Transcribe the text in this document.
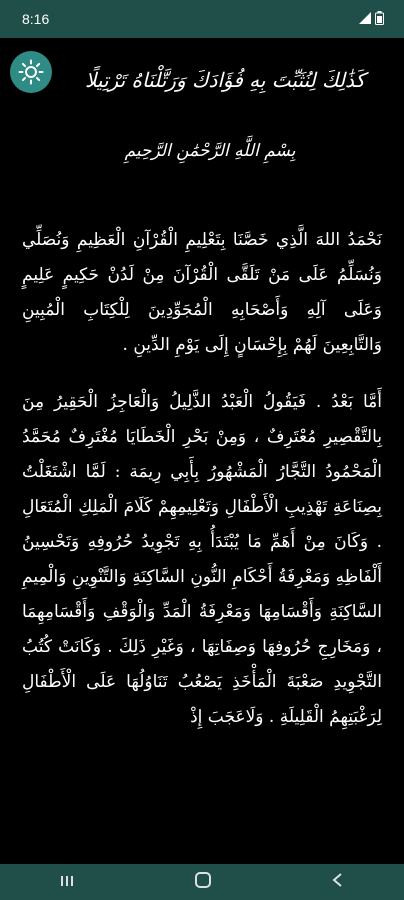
8:16
كَذَٰلِكَ لِنُثَبِّتَ بِهِ فُؤَادَكَ وَرَتَّلْنَاهُ تَرْتِيلًا
بِسْمِ اللَّهِ الرَّحْمَٰنِ الرَّحِيمِ

نَحْمَدُ اللهَ الَّذِي خَصَّنَا بِتَعْلِيمِ الْقُرْآنِ الْعَظِيمِ وَنُصَلِّي وَنُسَلِّمُ عَلَى مَنْ تَلَقَّى الْقُرْآنَ مِنْ لَدُنْ حَكِيمٍ عَلِيمٍ وَعَلَى آلِهِ وَأَصْحَابِهِ الْمُجَوِّدِينَ لِلْكِتَابِ الْمُبِينِ وَالتَّابِعِينَ لَهُمْ بِإِحْسَانٍ إِلَى يَوْمِ الدِّينِ .

أَمَّا بَعْدُ . فَيَقُولُ الْعَبْدُ الذَّلِيلُ وَالْعَاجِزُ الْحَقِيرُ مِنَ بِالتَّقْصِيرِ مُعْتَرِفٌ ، وَمِنْ بَحْرِ الْخَطَايَا مُغْتَرِفٌ مُحَمَّدُ الْمَحْمُودُ التَّجَّارُ الْمَشْهُورُ بِأَبِي رِيمَة : لَمَّا اشْتَغَلْتُ بِصِنَاعَةِ تَهْذِيبِ الْأَطْفَالِ وَتَعْلِيمِهِمْ كَلَامَ الْمَلِكِ الْمُتَعَالِ . وَكَانَ مِنْ أَهَمِّ مَا يُبْتَدَأُ بِهِ تَجْوِيدُ حُرُوفِهِ وَتَحْسِينُ أَلْفَاظِهِ وَمَعْرِفَةُ أَحْكَامِ النُّونِ السَّاكِنَةِ وَالتَّنْوِينِ وَالْمِيمِ السَّاكِنَةِ وَأَقْسَامِهَا وَمَعْرِفَةُ الْمَدِّ وَالْوَقْفِ وَأَقْسَامِهِمَا ، وَمَخَارِجِ حُرُوفِهَا وَصِفَاتِهَا ، وَغَيْرِ ذَلِكَ . وَكَانَتْ كُتُبُ التَّجْوِيدِ صَعْبَةَ الْمَأْخَذِ يَصْعُبُ تَنَاوُلُهَا عَلَى الْأَطْفَالِ لِرَغْبَتِهِمُ الْقَلِيلَةِ . وَلَاعَجَبَ إِذْ
